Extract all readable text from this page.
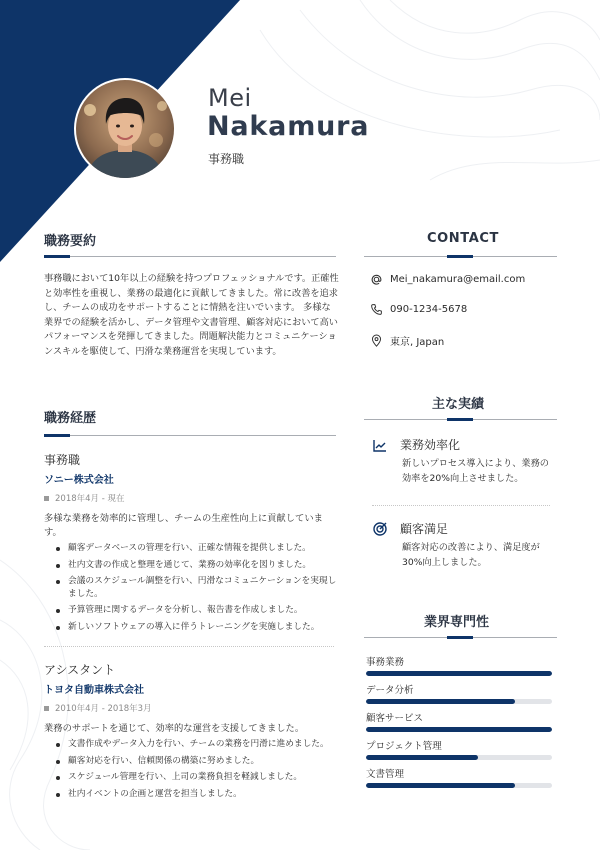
Mei
Nakamura
事務職
職務要約
事務職において10年以上の経験を持つプロフェッショナルです。正確性と効率性を重視し、業務の最適化に貢献してきました。常に改善を追求し、チームの成功をサポートすることに情熱を注いでいます。 多様な業界での経験を活かし、データ管理や文書管理、顧客対応において高いパフォーマンスを発揮してきました。問題解決能力とコミュニケーションスキルを駆使して、円滑な業務運営を実現しています。
CONTACT
Mei_nakamura@email.com
090-1234-5678
東京, Japan
職務経歴
事務職
ソニー株式会社
2018年4月 - 現在
多様な業務を効率的に管理し、チームの生産性向上に貢献しています。
顧客データベースの管理を行い、正確な情報を提供しました。
社内文書の作成と整理を通じて、業務の効率化を図りました。
会議のスケジュール調整を行い、円滑なコミュニケーションを実現しました。
予算管理に関するデータを分析し、報告書を作成しました。
新しいソフトウェアの導入に伴うトレーニングを実施しました。
アシスタント
トヨタ自動車株式会社
2010年4月 - 2018年3月
業務のサポートを通じて、効率的な運営を支援してきました。
文書作成やデータ入力を行い、チームの業務を円滑に進めました。
顧客対応を行い、信頼関係の構築に努めました。
スケジュール管理を行い、上司の業務負担を軽減しました。
社内イベントの企画と運営を担当しました。
主な実績
業務効率化
新しいプロセス導入により、業務の効率を20%向上させました。
顧客満足
顧客対応の改善により、満足度が30%向上しました。
業界専門性
事務業務
データ分析
顧客サービス
プロジェクト管理
文書管理
